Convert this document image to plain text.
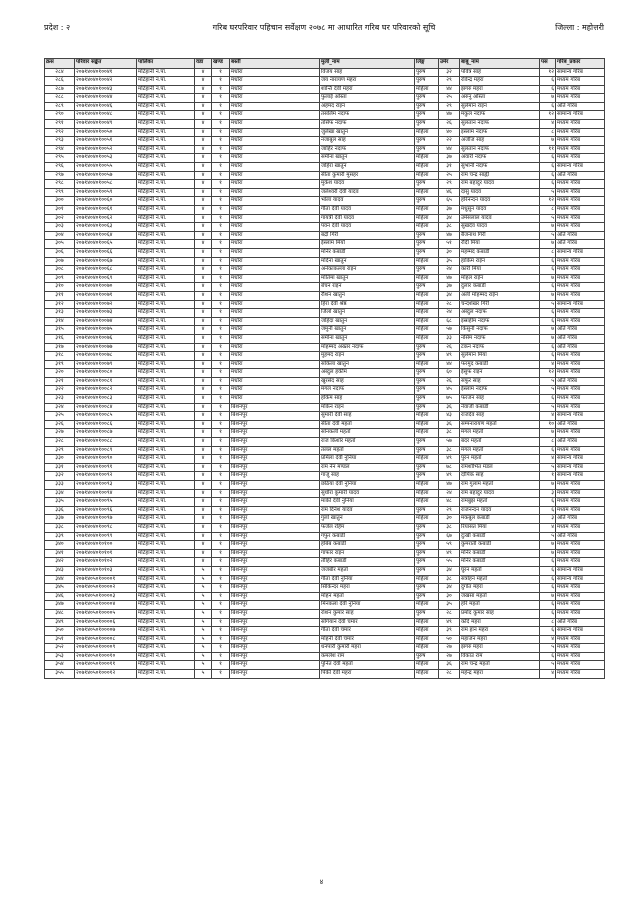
प्रदेश : २	गरिब घरपरिवार पहिचान सर्वेक्षण २०७८ मा आधारित गरिब घर परिवारको सूचि	जिल्ला : महोत्तरी
क्रस	परिवार सङ्केत	पालिका	वडा	खण्ड	बस्ती	मुली_नाम	लिङ्ग	उमेर	बाबु_नाम	पस	गरिब_प्रकार
२८४	२०७१४०४०१००४१	मटिहानी न.पा.	४	१	मधोरा	विजय साह	पुरुष	३२	पवित्र साह	१२	सामान्य गरिब
२८६	२०७१४०४०१००४२	मटिहानी न.पा.	४	१	मधोरा	जय नारायण महरा	पुरुष	२९	रविन्द्र महरा	६	मध्यम गरिब
२८७	२०७१४०४०१००४३	मटिहानी न.पा.	४	१	मधोरा	शान्ति देवी महरा	महिला	४४	झगरु महरा	६	मध्यम गरिब
२८८	२०७१४०४०१००४४	मटिहानी न.पा.	४	१	मधोरा	फुलाई ओस्ता	पुरुष	२५	अरुनु ओस्ता	७	मध्यम गरिब
२८९	२०७१४०४०१००४६	मटिहानी न.पा.	४	१	मधोरा	अहमद राइन	पुरुष	२९	सुलेमान राइन	६	अति गरिब
२९०	२०७१४०४०१००४८	मटिहानी न.पा.	४	१	मधोरा	तसलिम नदाफ	पुरुष	४७	मकुल नदाफ	१२	सामान्य गरिब
२९१	२०७१४०४०१००४९	मटिहानी न.पा.	४	१	मधोरा	तसिफ नदाफ	पुरुष	२६	सुलतान नदाफ	४	मध्यम गरिब
२९२	२०७१४०४०१००५०	मटिहानी न.पा.	४	१	मधोरा	जुलेखा खातुन	महिला	४०	इस्लाम नदाफ	८	मध्यम गरिब
२९३	२०७१४०४०१००५१	मटिहानी न.पा.	४	१	मधोरा	नजाबुल साह	पुरुष	२२	अजीज साह	७	मध्यम गरिब
२९४	२०७१४०४०१००५२	मटिहानी न.पा.	४	१	मधोरा	जाहिर नदाफ	पुरुष	४४	सुलतान नदाफ	११	मध्यम गरिब
२९५	२०७१४०४०१००५३	मटिहानी न.पा.	४	१	मधोरा	समीना खातुन	महिला	३७	अवारी नदाफ	६	मध्यम गरिब
२९६	२०७१४०४०१००५५	मटिहानी न.पा.	४	१	मधोरा	जहिरा खातुन	महिला	३१	सुभानी नदाफ	६	सामान्य गरिब
२९७	२०७१४०४०१००५७	मटिहानी न.पा.	४	१	मधोरा	सीता कुमारी मुसहर	महिला	२५	राम चन्द्र साह्नी	६	अति गरिब
२९८	२०७१४०४०१००५८	मटिहानी न.पा.	४	१	मधोरा	मुकेश यादव	पुरुष	२९	राम बहादुर यादव	६	मध्यम गरिब
२९९	२०७१४०४०१००५९	मटिहानी न.पा.	४	१	मधोरा	जलेश्वरी देवी यादव	महिला	४६	दासु यादव	५	मध्यम गरिब
३००	२०७१४०४०१००६०	मटिहानी न.पा.	४	१	मधोरा	भोला यादव	पुरुष	६५	हरिनन्दन यादव	१२	मध्यम गरिब
३०१	२०७१४०४०१००६१	मटिहानी न.पा.	४	१	मधोरा	गीता देवी यादव	महिला	३७	मधुसुन यादव	८	मध्यम गरिब
३०२	२०७१४०४०१००६२	मटिहानी न.पा.	४	१	मधोरा	गायत्री देवी यादव	महिला	३४	उमेसलाल यादव	५	मध्यम गरिब
३०३	२०७१४०४०१००६३	मटिहानी न.पा.	४	१	मधोरा	पवन देवी यादव	महिला	३८	सुखदेव यादव	७	मध्यम गरिब
३०४	२०७१४०४०१००६४	मटिहानी न.पा.	४	१	मधोरा	बद्री गिरी	पुरुष	४७	बैजनाथ गिरी	५	अति गरिब
३०५	२०७१४०४०१००६५	मटिहानी न.पा.	४	१	मधोरा	ईस्लाम मियाँ	पुरुष	५१	रौदी मिया	७	अति गरिब
३०६	२०७१४०४०१००६६	मटिहानी न.पा.	४	१	मधोरा	मनिर कबाडी	पुरुष	३०	महम्मद कबाडी	८	सामान्य गरिब
३०७	२०७१४०४०१००६७	मटिहानी न.पा.	४	१	मधोरा	मदिना खातुन	महिला	३५	हाकिम राईन	६	मध्यम गरिब
३०८	२०७१४०४०१००६८	मटिहानी न.पा.	४	१	मधोरा	अनेकाकल्ला राइन	पुरुष	२४	कारी मिया	६	मध्यम गरिब
३०९	२०७१४०४०१००६९	मटिहानी न.पा.	४	१	मधोरा	मोतिमा खातुन	महिला	४७	मोहल राईन	७	मध्यम गरिब
३१०	२०७१४०४०१००७०	मटिहानी न.पा.	४	१	मधोरा	बेचन राइन	पुरुष	३७	दुलार कबाडी	६	मध्यम गरिब
३११	२०७१४०४०१००७१	मटिहानी न.पा.	४	१	मधोरा	रौशन खातुन	महिला	३४	अली मोहम्मद राईन	७	मध्यम गरिब
३१२	२०७१४०४०१००७२	मटिहानी न.पा.	४	१	मधोरा	हिरा देवी श्रेष्ठ	महिला	२८	चन्दशेखर गिरी	५	सामान्य गरिब
३१३	२०७१४०४०१००७३	मटिहानी न.पा.	४	१	मधोरा	जिलो खातुन	महिला	२४	अब्दुल नदाफ	६	मध्यम गरिब
३१४	२०७१४०४०१००७४	मटिहानी न.पा.	४	१	मधोरा	जहिदा खातुन	महिला	६८	इस्राहीम नदाफ	६	मध्यम गरिब
३१५	२०७१४०४०१००७५	मटिहानी न.पा.	४	१	मधोरा	जमुनी खातुन	महिला	५७	किसुनी नदाफ	७	अति गरिब
३१६	२०७१४०४०१००७६	मटिहानी न.पा.	४	१	मधोरा	समीना खातुन	महिला	३३	नसिम नदाफ	७	अति गरिब
३१७	२०७१४०४०१००७७	मटिहानी न.पा.	४	१	मधोरा	मोहम्मद अख्तर नदाफ	पुरुष	२६	टकन नदाफ	६	अति गरिब
३१८	२०७१४०४०१००७८	मटिहानी न.पा.	४	१	मधोरा	मुहमद राइन	पुरुष	४९	सुलेमान मिया	६	मध्यम गरिब
३१९	२०७१४०४०१००७९	मटिहानी न.पा.	४	१	मधोरा	सकिला खातुन	महिला	४४	फरमुद कबाडी	४	मध्यम गरिब
३२०	२०७१४०४०१००८०	मटिहानी न.पा.	४	१	मधोरा	अब्दुल हकीम	पुरुष	६०	ईसुफ राइन	१२	मध्यम गरिब
३२१	२०७१४०४०१००८१	मटिहानी न.पा.	४	१	मधोरा	खुरसेद साह	पुरुष	२६	सफुर साह	५	अति गरिब
३२२	२०७१४०४०१००८२	मटिहानी न.पा.	४	१	मधोरा	मंगल नदाफ	पुरुष	४५	ईस्लाम नदाफ	५	मध्यम गरिब
३२३	२०७१४०४०१००८३	मटिहानी न.पा.	४	१	मधोरा	हकिम साह	पुरुष	७५	फरजन साह	६	मध्यम गरिब
३२४	२०७१४०४०१००८४	मटिहानी न.पा.	४	१	बिशनपुर	मकिन राइन	पुरुष	३६	नेवाजी कबाडी	५	मध्यम गरिब
३२५	२०७१४०४०१००८५	मटिहानी न.पा.	४	१	बिशनपुर	सुमारी देवी साह	महिला	४३	राजदेव साह	४	सामान्य गरिब
३२६	२०७१४०४०१००८६	मटिहानी न.पा.	४	१	बिशनपुर	सीता देवी महतो	महिला	३६	सम्पनारायण महतो	१०	अति गरिब
३२७	२०७१४०४०१००८७	मटिहानी न.पा.	४	१	बिशनपुर	सोनकली महतो	महिला	३८	मंगल महतो	७	मध्यम गरिब
३२८	२०७१४०४०१००८८	मटिहानी न.पा.	४	१	बिशनपुर	राज किशोर महतो	पुरुष	५७	बदर महतो	८	अति गरिब
३२९	२०७१४०४०१००८९	मटिहानी न.पा.	४	१	बिशनपुर	तलल महतो	पुरुष	३८	मंगल महतो	६	मध्यम गरिब
३३०	२०७१४०४०१००९०	मटिहानी न.पा.	४	१	बिशनपुर	प्रमिला देवी नुनिया	महिला	४९	पुरन महतो	४	सामान्य गरिब
३३१	२०७१४०४०१००९१	मटिहानी न.पा.	४	१	बिशनपुर	राम नेन मण्डल	पुरुष	७८	रामशोभित मंडल	५	सामान्य गरिब
३३२	२०७१४०४०१००९२	मटिहानी न.पा.	४	१	बिशनपुर	गाजु साह	पुरुष	४९	दोपिक साह	१	सामान्य गरिब
३३३	२०७१४०४०१००९३	मटिहानी न.पा.	४	१	बिशनपुर	छठिया देवी नुनिया	महिला	४७	राम गुलाम महतो	७	मध्यम गरिब
३३४	२०७१४०४०१००९४	मटिहानी न.पा.	४	१	बिशनपुर	सुधीरा कुमारी यादव	महिला	२४	राम बहादुर यादव	३	मध्यम गरिब
३३५	२०७१४०४०१००९५	मटिहानी न.पा.	४	१	बिशनपुर	मांकी देवी नुनिया	महिला	४८	रामबुझ महतो	६	मध्यम गरिब
३३६	२०७१४०४०१००९६	मटिहानी न.पा.	४	१	बिशनपुर	राम दिनेश यादव	पुरुष	२९	राजनन्दन यादव	६	मध्यम गरिब
३३७	२०७१४०४०१००९७	मटिहानी न.पा.	४	१	बिशनपुर	गुलो खातुन	महिला	३०	मकबुल कबाडी	३	अति गरिब
३३८	२०७१४०४०१००९८	मटिहानी न.पा.	४	१	बिशनपुर	फजेल रहिम	पुरुष	३८	रियासत मिया	४	मध्यम गरिब
३३९	२०७१४०४०१००९९	मटिहानी न.पा.	४	१	बिशनपुर	गफुर कबाडी	पुरुष	६७	दुःखी कबाडी	५	अति गरिब
३४०	२०७१४०४०१०१००	मटिहानी न.पा.	४	१	बिशनपुर	हबिब कबाडी	पुरुष	५९	कुमराती कबाडी	७	मध्यम गरिब
३४१	२०७१४०४०१०१०१	मटिहानी न.पा.	४	१	बिशनपुर	गाफार राइन	पुरुष	४९	मनिर कबाडी	७	मध्यम गरिब
३४२	२०७१४०४०१०१०२	मटिहानी न.पा.	४	१	बिशनपुर	तौहिर कबाडी	पुरुष	५५	मनिर कबाडी	६	मध्यम गरिब
३४३	२०७१४०४०१०१०३	मटिहानी न.पा.	५	१	बिशनपुर	जजबीर महतो	पुरुष	३४	घुरन महतो	६	सामान्य गरिब
३४४	२०७१४०५०१००००१	मटिहानी न.पा.	५	१	बिशनपुर	गीता देवी नुनिया	महिला	३८	सत्रोहन महतो	६	सामान्य गरिब
३४५	२०७१४०५०१००००२	मटिहानी न.पा.	५	१	बिशनपुर	सिकिन्दर महरा	पुरुष	३४	दुर्गात महरा	६	मध्यम गरिब
३४६	२०७१४०५०१००००३	मटिहानी न.पा.	५	१	बिशनपुर	मोहन महतो	पुरुष	३०	जखसा महतो	७	मध्यम गरिब
३४७	२०७१४०५०१००००४	मटिहानी न.पा.	५	१	बिशनपुर	मिनकला देवी नुनिया	महिला	३५	हरि महतो	६	मध्यम गरिब
३४८	२०७१४०५०१००००५	मटिहानी न.पा.	५	१	बिशनपुर	रोशन कुमार साह	पुरुष	२८	प्रमोद कुमार साह	६	मध्यम गरिब
३४९	२०७१४०५०१००००६	मटिहानी न.पा.	५	१	बिशनपुर	संगियान देवी चमार	महिला	४९	काँदे महरा	८	अति गरिब
३५०	२०७१४०५०१००००७	मटिहानी न.पा.	५	१	बिशनपुर	गीता देवी चमार	महिला	३९	राम हान महरा	६	सामान्य गरिब
३५१	२०७१४०५०१००००८	मटिहानी न.पा.	५	१	बिशनपुर	मोहनी देवी चमार	महिला	५०	महाजन महरा	४	मध्यम गरिब
३५२	२०७१४०५०१००००९	मटिहानी न.पा.	५	१	बिशनपुर	धनपारी कुमारी महरा	महिला	२७	झगरु महरा	५	मध्यम गरिब
३५३	२०७१४०५०१०००१०	मटिहानी न.पा.	५	१	बिशनपुर	कमलेश राम	पुरुष	२७	विकाउ राम	६	मध्यम गरिब
३५४	२०७१४०५०१०००११	मटिहानी न.पा.	५	१	बिशनपुर	पुनित देवी महतो	महिला	३६	राम चन्द्र महतो	५	मध्यम गरिब
३५५	२०७१४०५०१०००१२	मटिहानी न.पा.	५	१	बिशनपुर	पिंकी देवी महरा	महिला	२८	महेन्द्र महरा	४	मध्यम गरिब
४
